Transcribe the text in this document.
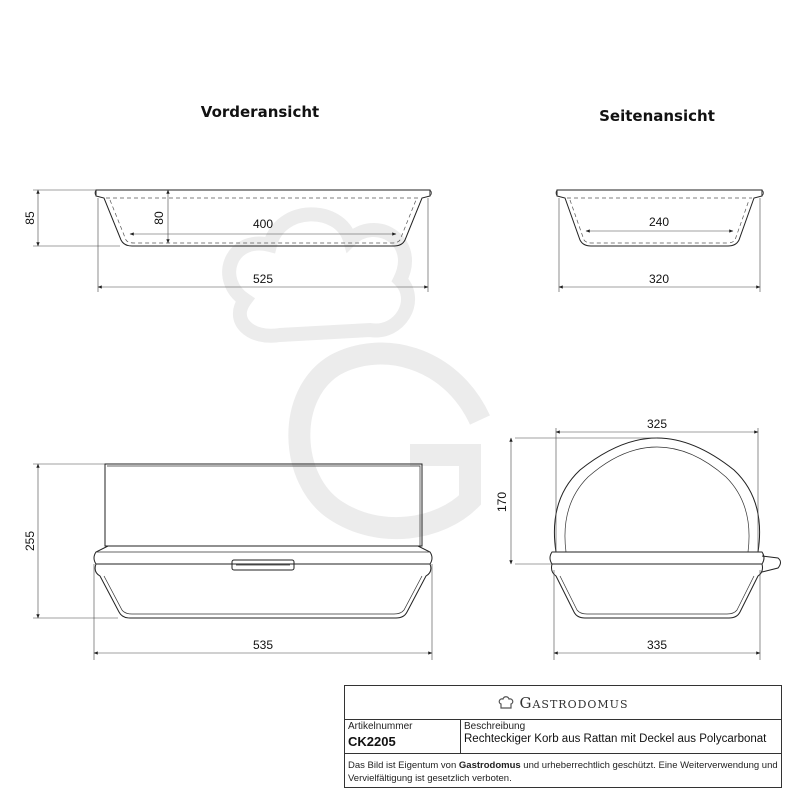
Vorderansicht	Seitenansicht
85	80	400
525
240
320
255
535
325
170
335
Gastrodomus
Artikelnummer
CK2205
Beschreibung
Rechteckiger Korb aus Rattan mit Deckel aus Polycarbonat
Das Bild ist Eigentum von Gastrodomus und urheberrechtlich geschützt. Eine Weiterverwendung und Vervielfältigung ist gesetzlich verboten.
